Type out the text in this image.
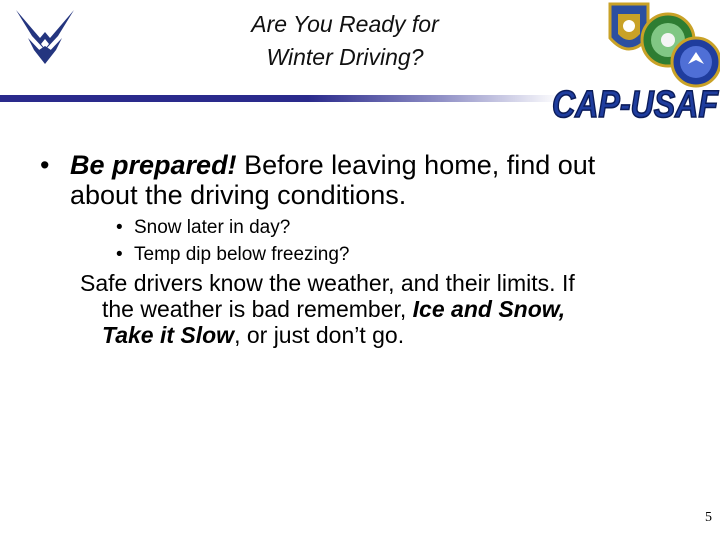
Are You Ready for
Winter Driving?
CAP-USAF
• Be prepared! Before leaving home, find out
about the driving conditions.
• Snow later in day?
• Temp dip below freezing?
Safe drivers know the weather, and their limits. If
the weather is bad remember, Ice and Snow,
Take it Slow, or just don’t go.
5
